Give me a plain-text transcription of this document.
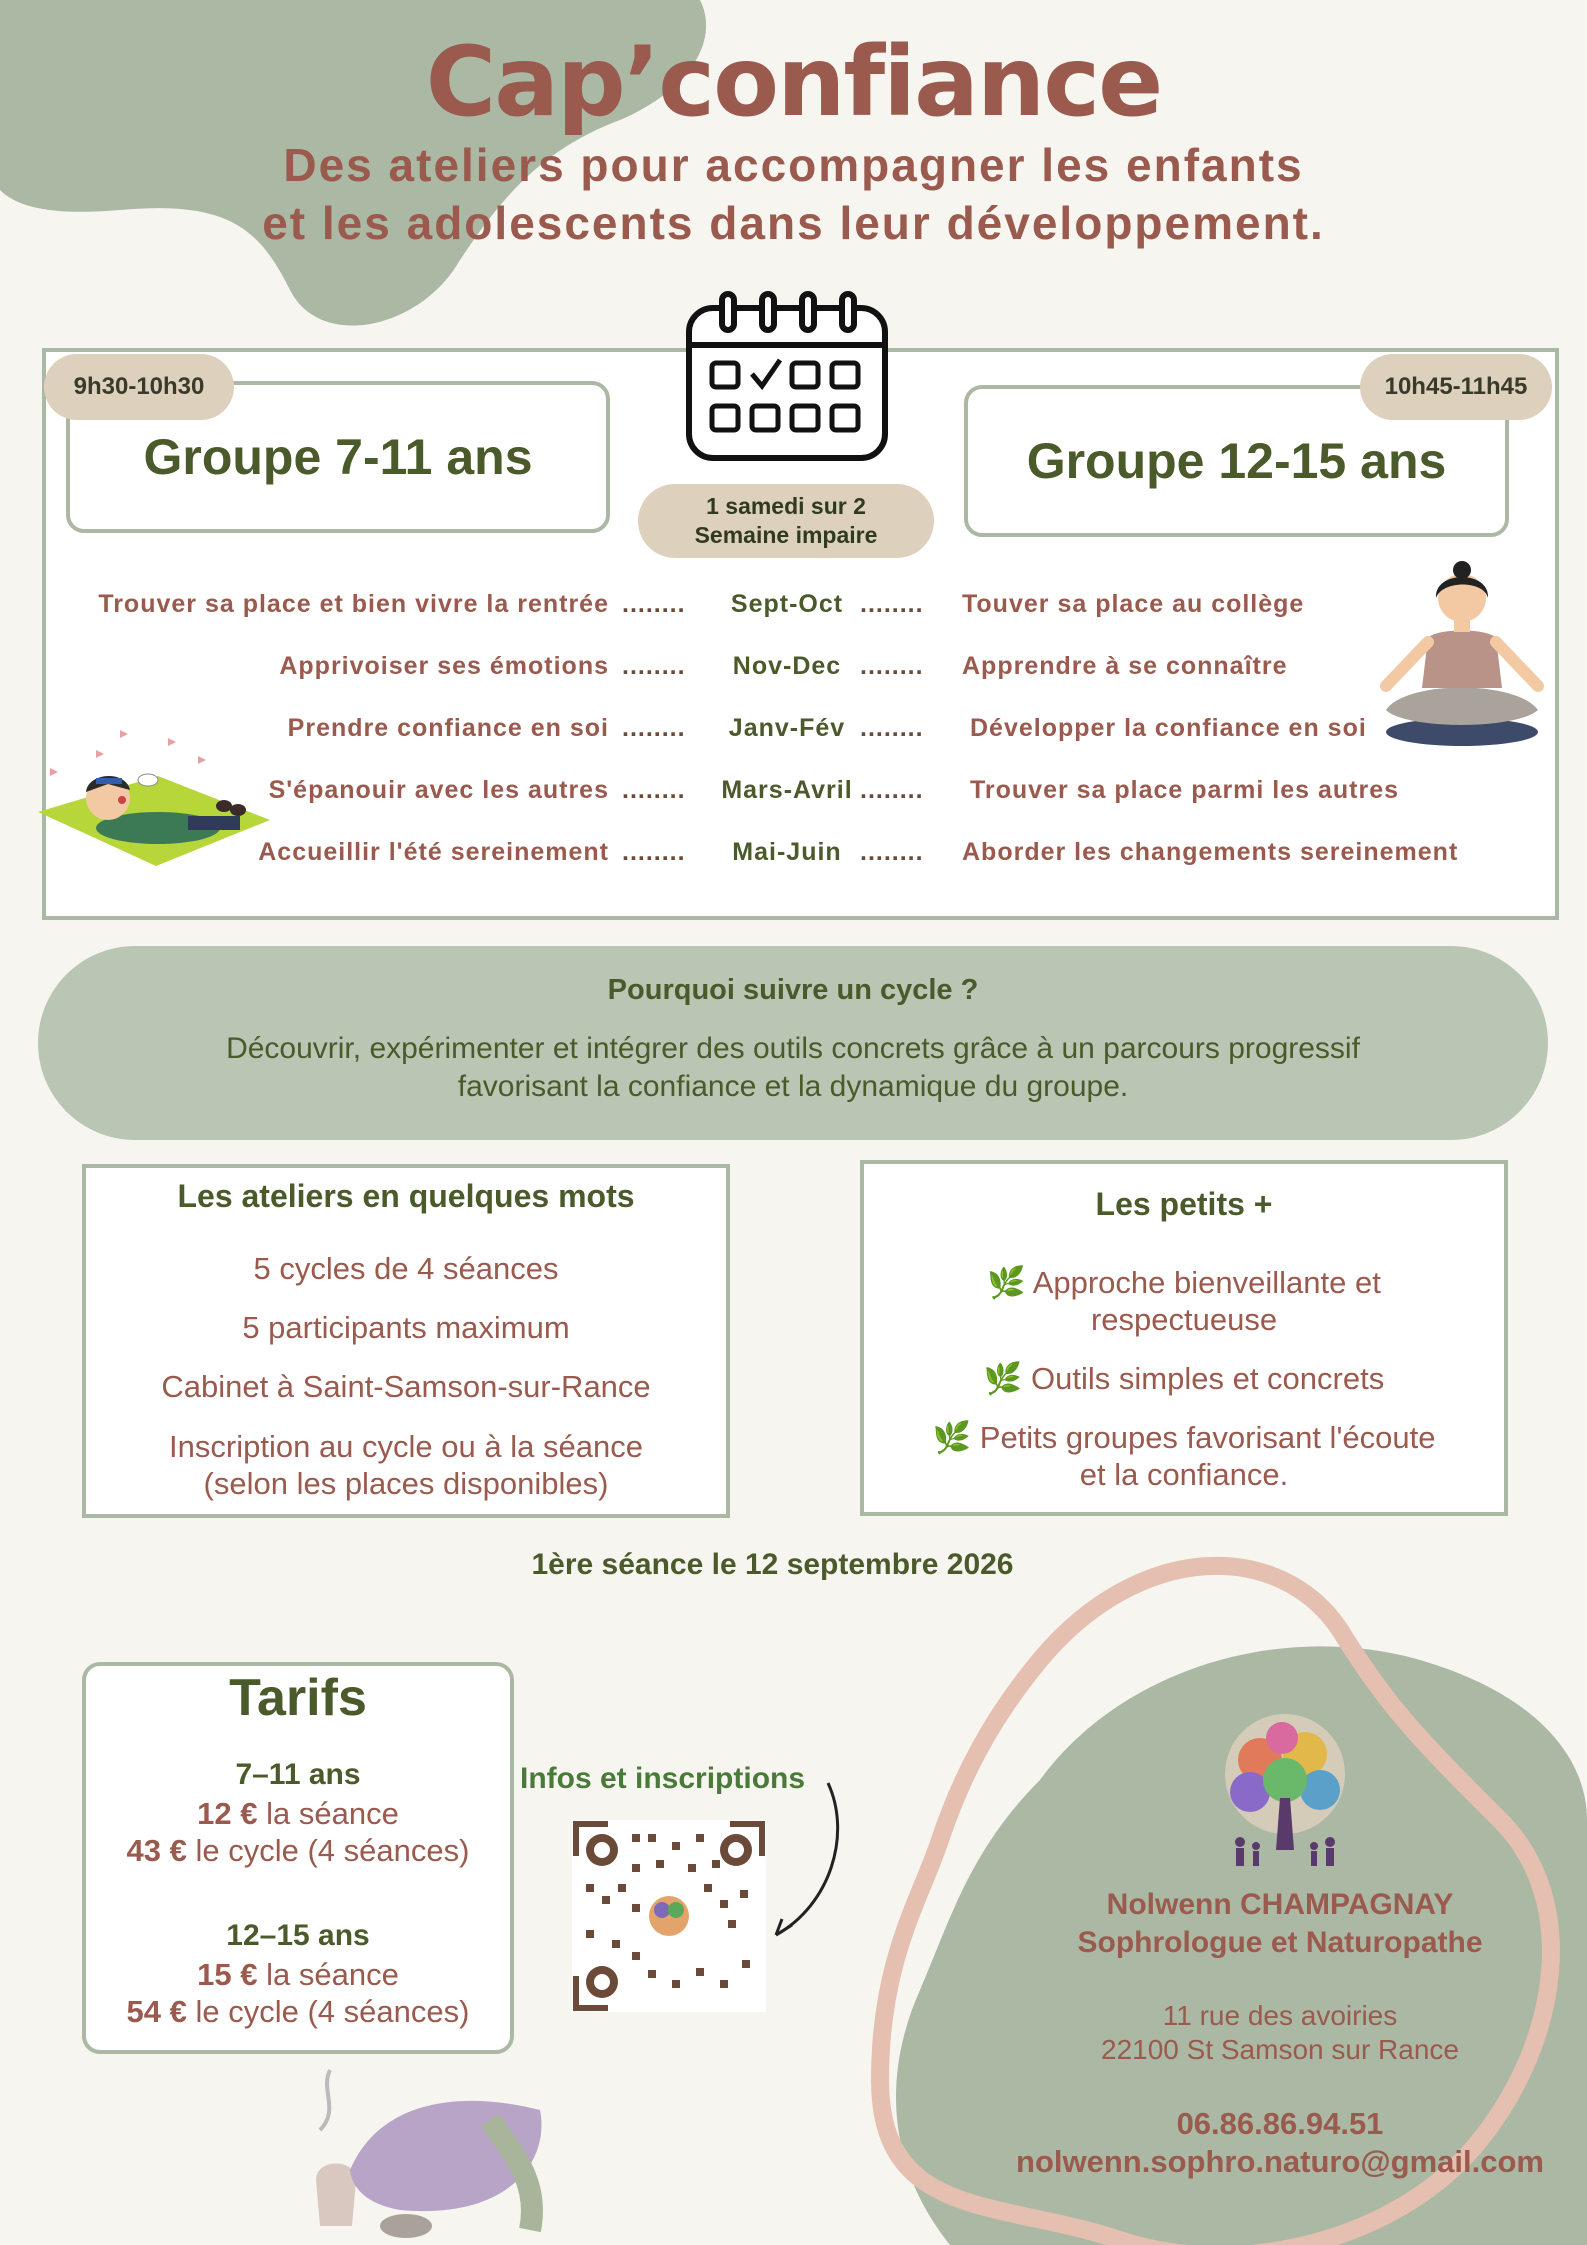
Cap’confiance
Des ateliers pour accompagner les enfants
et les adolescents dans leur développement.
Groupe 7-11 ans
9h30-10h30
Groupe 12-15 ans
10h45-11h45
1 samedi sur 2
Semaine impaire
Trouver sa place et bien vivre la rentrée ........	Sept-Oct ........ Touver sa place au collège
Apprivoiser ses émotions ........	Nov-Dec ........ Apprendre à se connaître
Prendre confiance en soi ........	Janv-Fév ........ Développer la confiance en soi
S'épanouir avec les autres ........	Mars-Avril ........ Trouver sa place parmi les autres
Accueillir l'été sereinement ........	Mai-Juin ........ Aborder les changements sereinement
Pourquoi suivre un cycle ?
Découvrir, expérimenter et intégrer des outils concrets grâce à un parcours progressif
favorisant la confiance et la dynamique du groupe.
Les ateliers en quelques mots
5 cycles de 4 séances
5 participants maximum
Cabinet à Saint-Samson-sur-Rance
Inscription au cycle ou à la séance
(selon les places disponibles)
Les petits +
🌿 Approche bienveillante et
respectueuse
🌿 Outils simples et concrets
🌿 Petits groupes favorisant l'écoute
et la confiance.
1ère séance le 12 septembre 2026
Tarifs
7–11 ans
12 € la séance
43 € le cycle (4 séances)
12–15 ans
15 € la séance
54 € le cycle (4 séances)
Infos et inscriptions
Nolwenn CHAMPAGNAY
Sophrologue et Naturopathe
11 rue des avoiries
22100 St Samson sur Rance
06.86.86.94.51
nolwenn.sophro.naturo@gmail.com
